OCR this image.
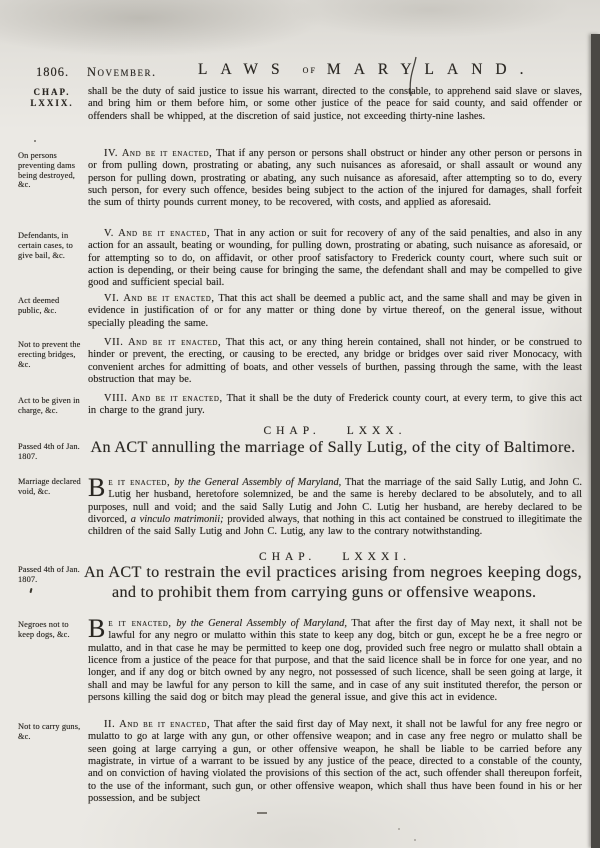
1806. November.	LAWS of MARYLAND.
CHAP.
LXXIX.
On persons preventing dams being destroyed, &c.
Defendants, in certain cases, to give bail, &c.
Act deemed public, &c.
Not to prevent the erecting bridges, &c.
Act to be given in charge, &c.
Passed 4th of Jan. 1807.
Marriage declared void, &c.
Passed 4th of Jan. 1807.
Negroes not to keep dogs, &c.
Not to carry guns, &c.

shall be the duty of said justice to issue his warrant, directed to the constable, to apprehend said slave or slaves, and bring him or them before him, or some other justice of the peace for said county, and said offender or offenders shall be whipped, at the discretion of said justice, not exceeding thirty-nine lashes.

IV. And be it enacted, That if any person or persons shall obstruct or hinder any other person or persons in or from pulling down, prostrating or abating, any such nuisances as aforesaid, or shall assault or wound any person for pulling down, prostrating or abating, any such nuisance as aforesaid, after attempting so to do, every such person, for every such offence, besides being subject to the action of the injured for damages, shall forfeit the sum of thirty pounds current money, to be recovered, with costs, and applied as aforesaid.

V. And be it enacted, That in any action or suit for recovery of any of the said penalties, and also in any action for an assault, beating or wounding, for pulling down, prostrating or abating, such nuisance as aforesaid, or for attempting so to do, on affidavit, or other proof satisfactory to Frederick county court, where such suit or action is depending, or their being cause for bringing the same, the defendant shall and may be compelled to give good and sufficient special bail.

VI. And be it enacted, That this act shall be deemed a public act, and the same shall and may be given in evidence in justification of or for any matter or thing done by virtue thereof, on the general issue, without specially pleading the same.

VII. And be it enacted, That this act, or any thing herein contained, shall not hinder, or be construed to hinder or prevent, the erecting, or causing to be erected, any bridge or bridges over said river Monocacy, with convenient arches for admitting of boats, and other vessels of burthen, passing through the same, with the least obstruction that may be.

VIII. And be it enacted, That it shall be the duty of Frederick county court, at every term, to give this act in charge to the grand jury.

CHAP. LXXX.

An ACT annulling the marriage of Sally Lutig, of the city of Baltimore.

Be it enacted, by the General Assembly of Maryland, That the marriage of the said Sally Lutig, and John C. Lutig her husband, heretofore solemnized, be and the same is hereby declared to be absolutely, and to all purposes, null and void; and the said Sally Lutig and John C. Lutig her husband, are hereby declared to be divorced, a vinculo matrimonii; provided always, that nothing in this act contained be construed to illegitimate the children of the said Sally Lutig and John C. Lutig, any law to the contrary notwithstanding.

CHAP. LXXXI.

An ACT to restrain the evil practices arising from negroes keeping dogs, and to prohibit them from carrying guns or offensive weapons.

Be it enacted, by the General Assembly of Maryland, That after the first day of May next, it shall not be lawful for any negro or mulatto within this state to keep any dog, bitch or gun, except he be a free negro or mulatto, and in that case he may be permitted to keep one dog, provided such free negro or mulatto shall obtain a licence from a justice of the peace for that purpose, and that the said licence shall be in force for one year, and no longer, and if any dog or bitch owned by any negro, not possessed of such licence, shall be seen going at large, it shall and may be lawful for any person to kill the same, and in case of any suit instituted therefor, the person or persons killing the said dog or bitch may plead the general issue, and give this act in evidence.

II. And be it enacted, That after the said first day of May next, it shall not be lawful for any free negro or mulatto to go at large with any gun, or other offensive weapon; and in case any free negro or mulatto shall be seen going at large carrying a gun, or other offensive weapon, he shall be liable to be carried before any magistrate, in virtue of a warrant to be issued by any justice of the peace, directed to a constable of the county, and on conviction of having violated the provisions of this section of the act, such offender shall thereupon forfeit, to the use of the informant, such gun, or other offensive weapon, which shall thus have been found in his or her possession, and be subject
